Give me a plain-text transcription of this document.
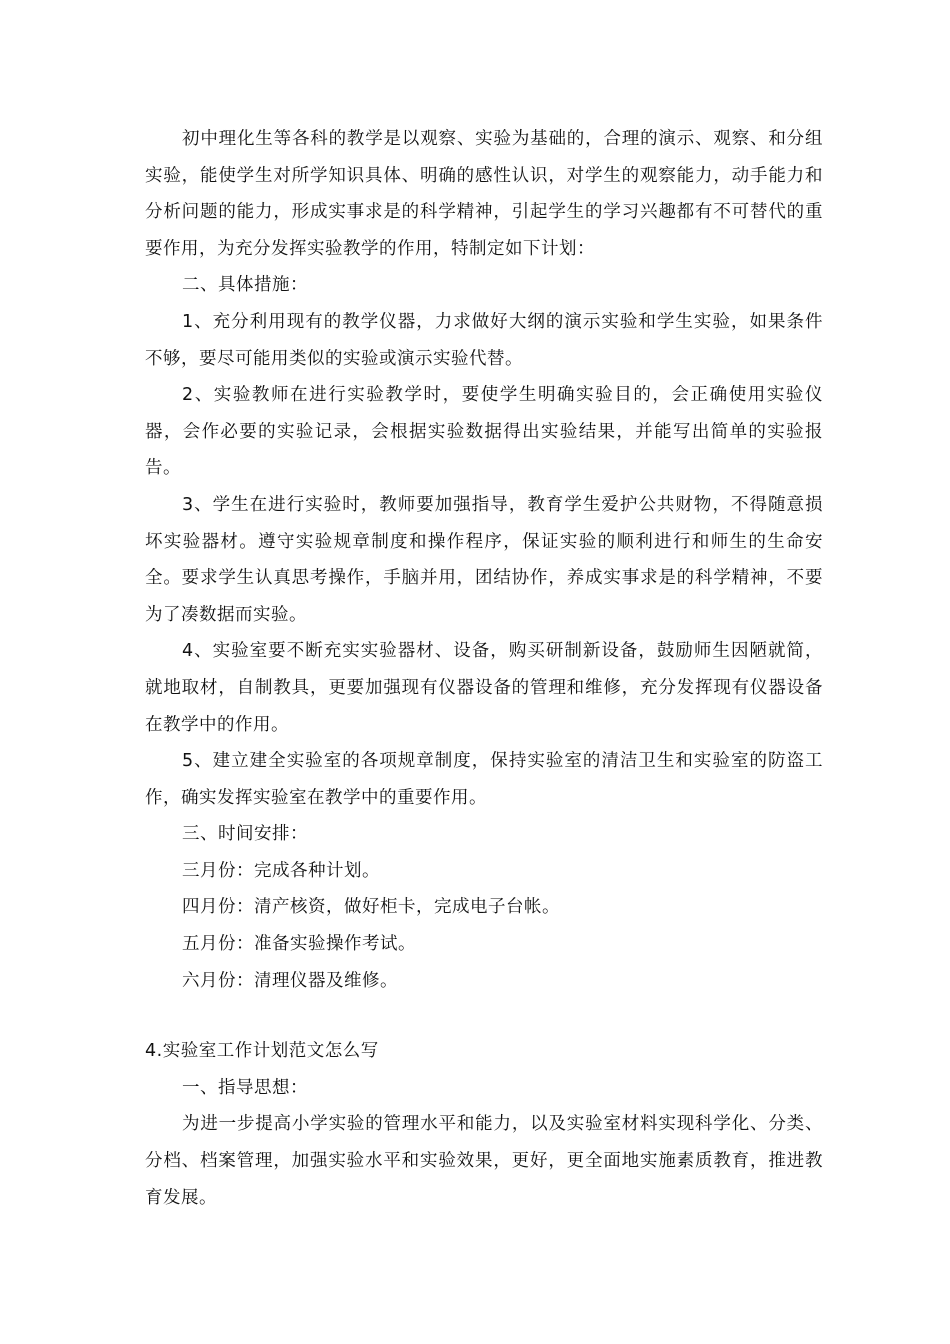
初中理化生等各科的教学是以观察、实验为基础的，合理的演示、观察、和分组实验，能使学生对所学知识具体、明确的感性认识，对学生的观察能力，动手能力和分析问题的能力，形成实事求是的科学精神，引起学生的学习兴趣都有不可替代的重要作用，为充分发挥实验教学的作用，特制定如下计划：

二、具体措施：

1、充分利用现有的教学仪器，力求做好大纲的演示实验和学生实验，如果条件不够，要尽可能用类似的实验或演示实验代替。

2、实验教师在进行实验教学时，要使学生明确实验目的，会正确使用实验仪器，会作必要的实验记录，会根据实验数据得出实验结果，并能写出简单的实验报告。

3、学生在进行实验时，教师要加强指导，教育学生爱护公共财物，不得随意损坏实验器材。遵守实验规章制度和操作程序，保证实验的顺利进行和师生的生命安全。要求学生认真思考操作，手脑并用，团结协作，养成实事求是的科学精神，不要为了凑数据而实验。

4、实验室要不断充实实验器材、设备，购买研制新设备，鼓励师生因陋就简，就地取材，自制教具，更要加强现有仪器设备的管理和维修，充分发挥现有仪器设备在教学中的作用。

5、建立建全实验室的各项规章制度，保持实验室的清洁卫生和实验室的防盗工作，确实发挥实验室在教学中的重要作用。

三、时间安排：
三月份：完成各种计划。
四月份：清产核资，做好柜卡，完成电子台帐。
五月份：准备实验操作考试。
六月份：清理仪器及维修。
4.实验室工作计划范文怎么写
一、指导思想：

为进一步提高小学实验的管理水平和能力，以及实验室材料实现科学化、分类、分档、档案管理，加强实验水平和实验效果，更好，更全面地实施素质教育，推进教育发展。
